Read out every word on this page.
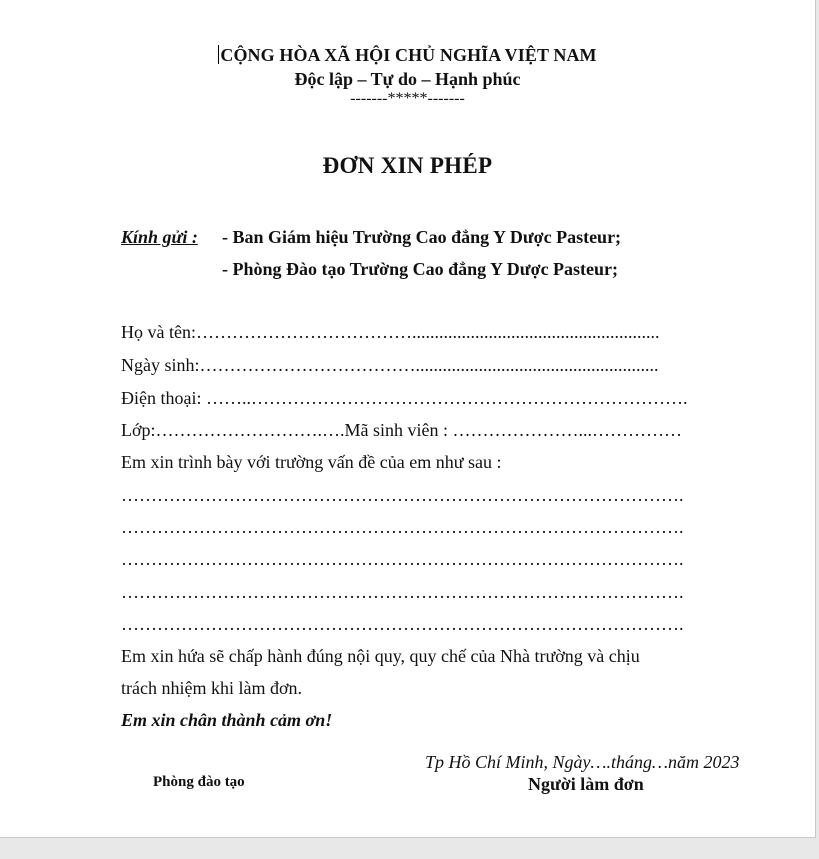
CỘNG HÒA XÃ HỘI CHỦ NGHĨA VIỆT NAM
Độc lập – Tự do – Hạnh phúc
-------*****-------
ĐƠN XIN PHÉP
Kính gửi : - Ban Giám hiệu Trường Cao đẳng Y Dược Pasteur;
- Phòng Đào tạo Trường Cao đẳng Y Dược Pasteur;
Họ và tên:……………………………….......................................................
Ngày sinh:………………………………......................................................
Điện thoại: ……..……………………………………………………………….
Lớp:……………………….….Mã sinh viên : …………………...……………
Em xin trình bày với trường vấn đề của em như sau :
………………………………………………………………………………….
………………………………………………………………………………….
………………………………………………………………………………….
………………………………………………………………………………….
………………………………………………………………………………….
Em xin hứa sẽ chấp hành đúng nội quy, quy chế của Nhà trường và chịu
trách nhiệm khi làm đơn.
Em xin chân thành cảm ơn!
Tp Hồ Chí Minh, Ngày….tháng…năm 2023
Phòng đào tạo	Người làm đơn
